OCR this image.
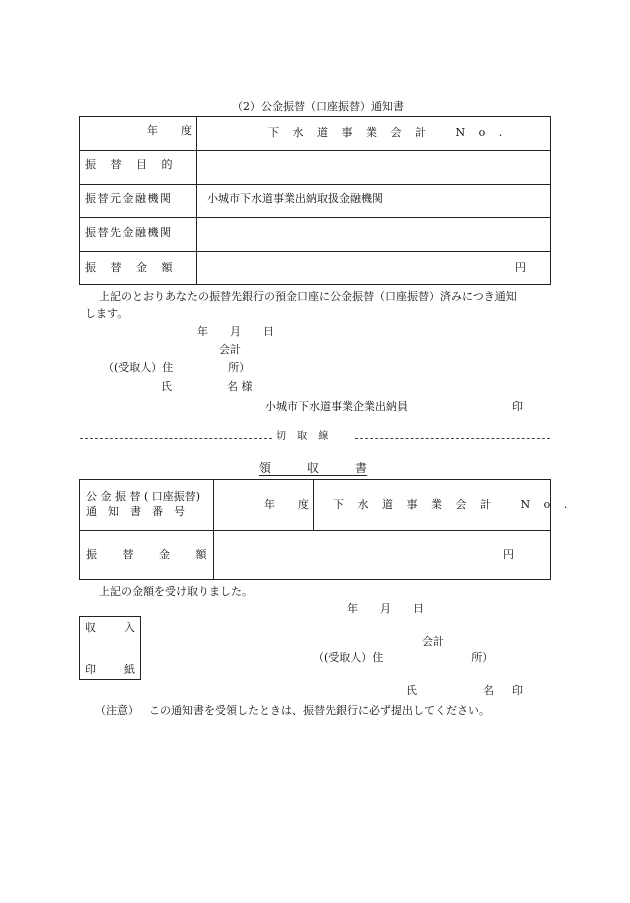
（2）公金振替（口座振替）通知書
年　度	下 水 道 事 業 会 計　 N o .
振　 替　 目　 的
振替元金融機関	小城市下水道事業出納取扱金融機関
振替先金融機関
振　 替　 金　 額	円
上記のとおりあなたの振替先銀行の預金口座に公金振替（口座振替）済みにつき通知
します。
年　　月　　日
会計
（(受取人）住　　　　　所）
氏　　　　　名 様
小城市下水道事業企業出納員	印
切 取 線
領　　　収　　　書
公 金 振 替 ( 口座振替)
通　知　書　番　号
年　度 下 水 道 事 業 会 計　 N o .
振　　 替　　 金　　 額	円
上記の金額を受け取りました。
年　　月　　日
収	入
印	紙
会計
（(受取人）住　　　　　　　　所）
氏　　　　　　名 印
（注意） この通知書を受領したときは、振替先銀行に必ず提出してください。
